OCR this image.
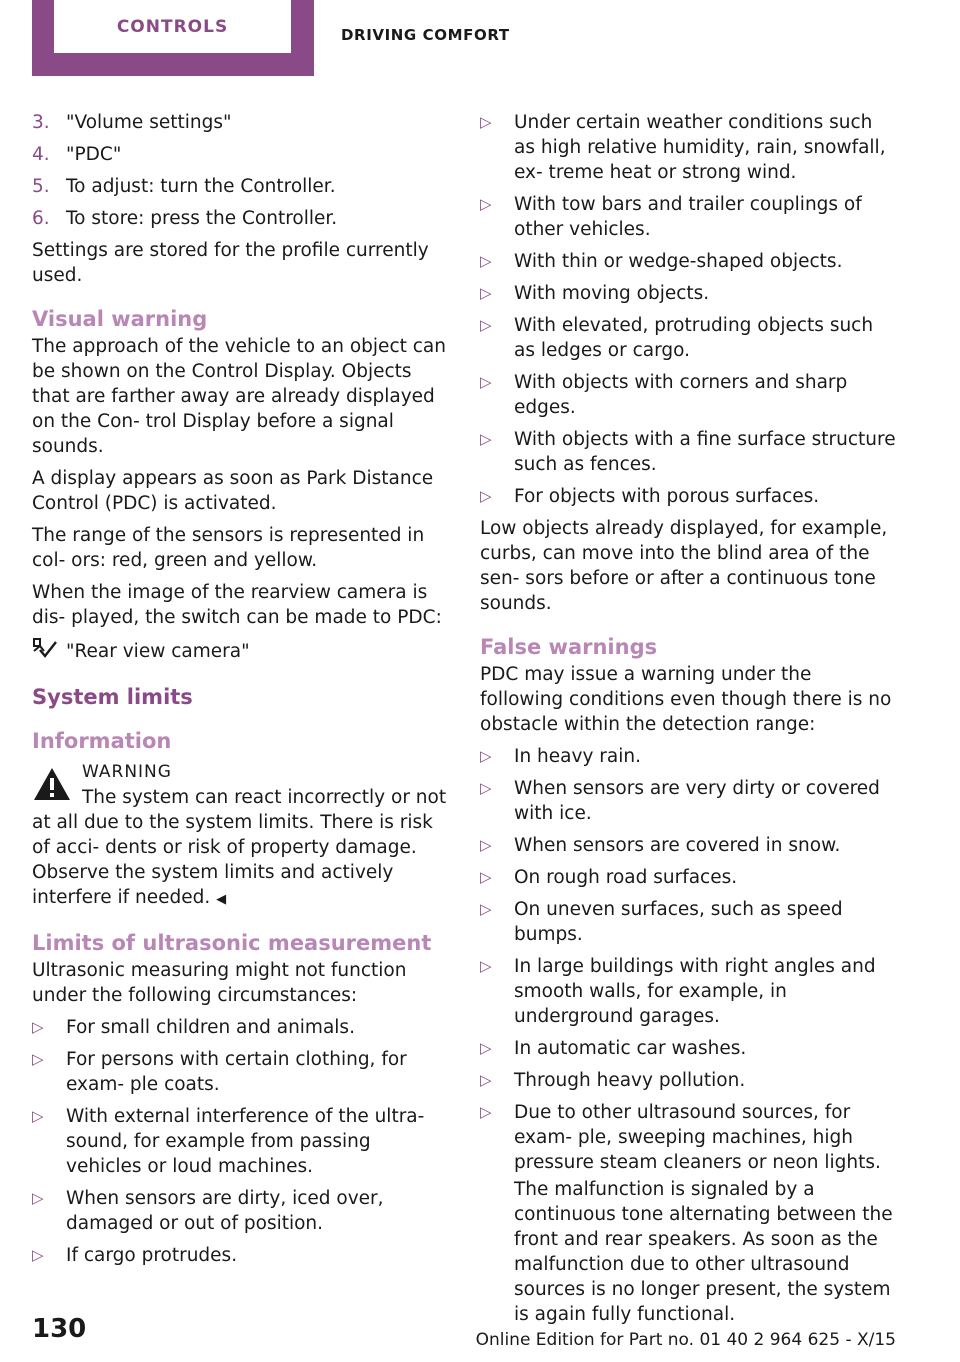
CONTROLS	DRIVING COMFORT
3. "Volume settings"
4. "PDC"
5. To adjust: turn the Controller.
6. To store: press the Controller.

Settings are stored for the profile currently used.

Visual warning

The approach of the vehicle to an object can be shown on the Control Display. Objects that are farther away are already displayed on the Con‐ trol Display before a signal sounds.

A display appears as soon as Park Distance Control (PDC) is activated.

The range of the sensors is represented in col‐ ors: red, green and yellow.

When the image of the rearview camera is dis‐ played, the switch can be made to PDC:

"Rear view camera"
System limits
Information
WARNING
The system can react incorrectly or not at all due to the system limits. There is risk of acci‐ dents or risk of property damage. Observe the system limits and actively interfere if needed. ◀
Limits of ultrasonic measurement

Ultrasonic measuring might not function under the following circumstances:

▷	For small children and animals.
▷	For persons with certain clothing, for exam‐ ple coats.
▷	With external interference of the ultra‐ sound, for example from passing vehicles or loud machines.
▷	When sensors are dirty, iced over, damaged or out of position.
▷	If cargo protrudes.
▷	Under certain weather conditions such as high relative humidity, rain, snowfall, ex‐ treme heat or strong wind.
▷	With tow bars and trailer couplings of other vehicles.
▷	With thin or wedge-shaped objects.
▷	With moving objects.
▷	With elevated, protruding objects such as ledges or cargo.
▷	With objects with corners and sharp edges.
▷	With objects with a fine surface structure such as fences.
▷	For objects with porous surfaces.

Low objects already displayed, for example, curbs, can move into the blind area of the sen‐ sors before or after a continuous tone sounds.

False warnings

PDC may issue a warning under the following conditions even though there is no obstacle within the detection range:

▷	In heavy rain.
▷	When sensors are very dirty or covered with ice.
▷	When sensors are covered in snow.
▷	On rough road surfaces.
▷	On uneven surfaces, such as speed bumps.
▷	In large buildings with right angles and smooth walls, for example, in underground garages.
▷	In automatic car washes.
▷	Through heavy pollution.
▷	Due to other ultrasound sources, for exam‐ ple, sweeping machines, high pressure steam cleaners or neon lights.
The malfunction is signaled by a continuous tone alternating between the front and rear speakers. As soon as the malfunction due to other ultrasound sources is no longer present, the system is again fully functional.
130	Online Edition for Part no. 01 40 2 964 625 - X/15
